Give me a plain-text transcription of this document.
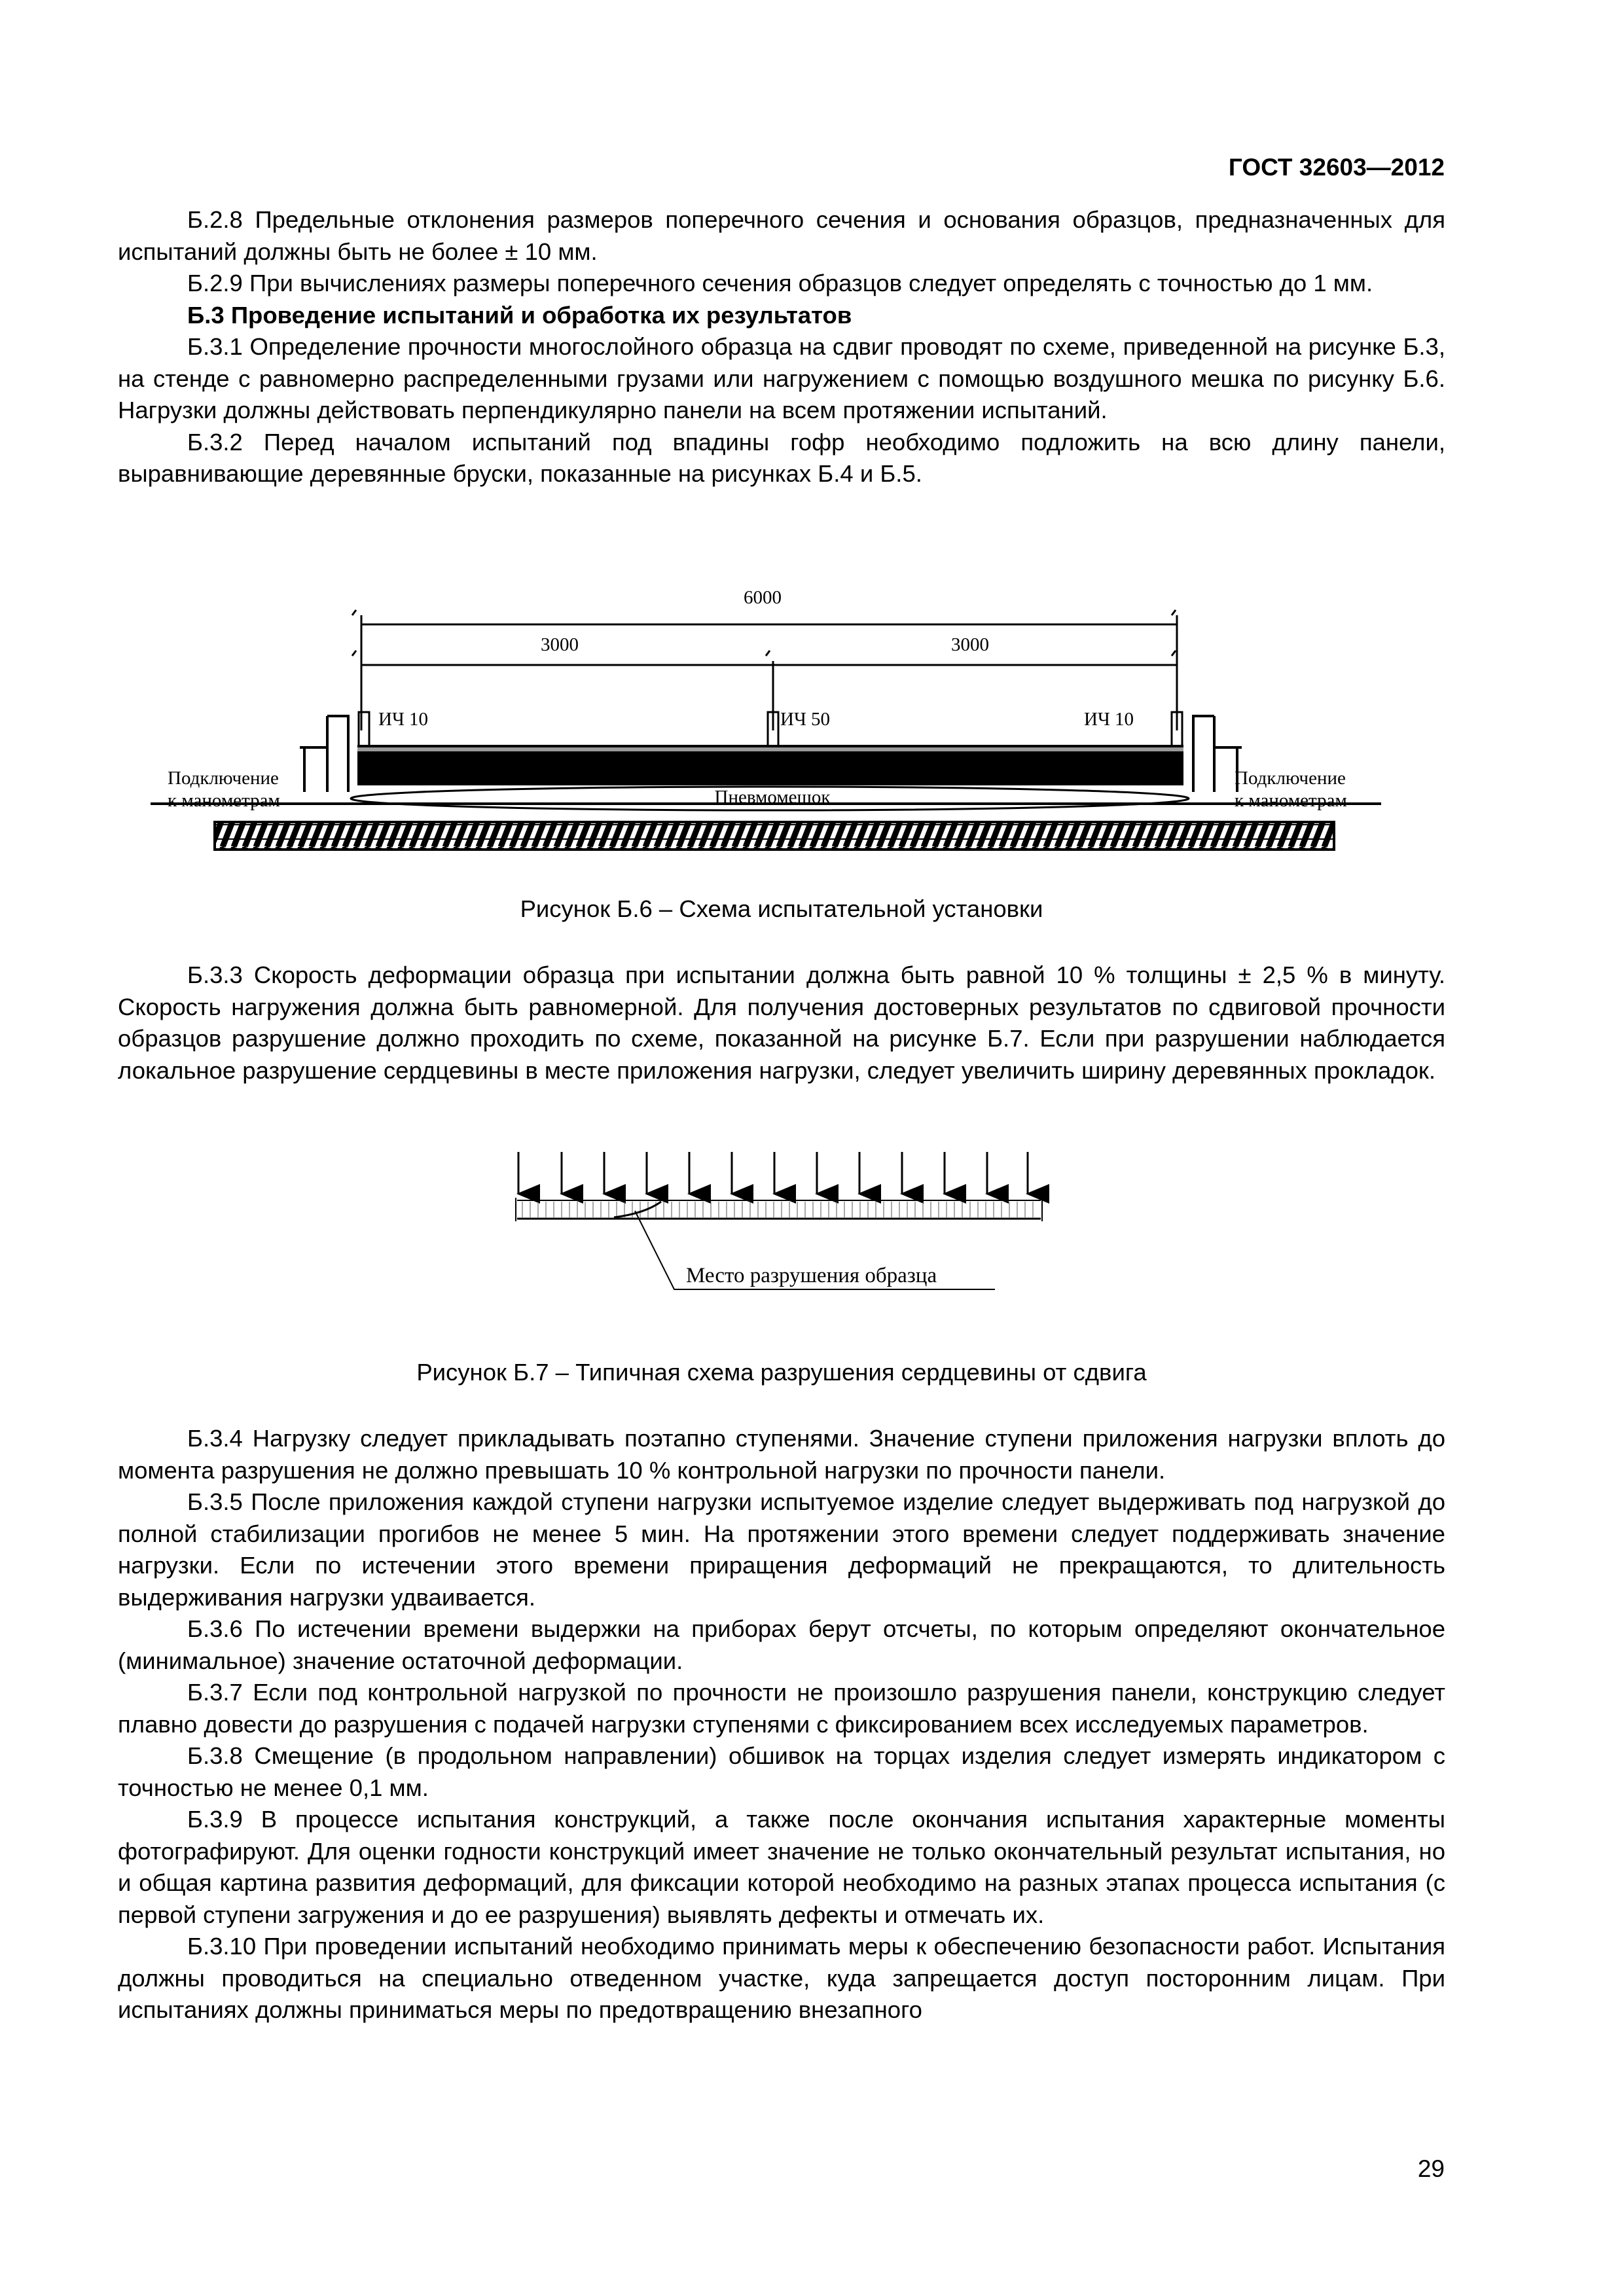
ГОСТ 32603—2012

Б.2.8 Предельные отклонения размеров поперечного сечения и основания образцов, предназначенных для испытаний должны быть не более ± 10 мм.

Б.2.9 При вычислениях размеры поперечного сечения образцов следует определять с точностью до 1 мм.

Б.3 Проведение испытаний и обработка их результатов

Б.3.1 Определение прочности многослойного образца на сдвиг проводят по схеме, приведенной на рисунке Б.3, на стенде с равномерно распределенными грузами или нагружением с помощью воздушного мешка по рисунку Б.6. Нагрузки должны действовать перпендикулярно панели на всем протяжении испытаний.

Б.3.2 Перед началом испытаний под впадины гофр необходимо подложить на всю длину панели, выравнивающие деревянные бруски, показанные на рисунках Б.4 и Б.5.

6000
3000	3000
ИЧ 10	ИЧ 50	ИЧ 10
Пневмомешок
Подключение
к манометрам
Подключение
к манометрам
Рисунок Б.6 – Схема испытательной установки

Б.3.3 Скорость деформации образца при испытании должна быть равной 10 % толщины ± 2,5 % в минуту. Скорость нагружения должна быть равномерной. Для получения достоверных результатов по сдвиговой прочности образцов разрушение должно проходить по схеме, показанной на рисунке Б.7. Если при разрушении наблюдается локальное разрушение сердцевины в месте приложения нагрузки, следует увеличить ширину деревянных прокладок.

Место разрушения образца
Рисунок Б.7 – Типичная схема разрушения сердцевины от сдвига

Б.3.4 Нагрузку следует прикладывать поэтапно ступенями. Значение ступени приложения нагрузки вплоть до момента разрушения не должно превышать 10 % контрольной нагрузки по прочности панели.

Б.3.5 После приложения каждой ступени нагрузки испытуемое изделие следует выдерживать под нагрузкой до полной стабилизации прогибов не менее 5 мин. На протяжении этого времени следует поддерживать значение нагрузки. Если по истечении этого времени приращения деформаций не прекращаются, то длительность выдерживания нагрузки удваивается.

Б.3.6 По истечении времени выдержки на приборах берут отсчеты, по которым определяют окончательное (минимальное) значение остаточной деформации.

Б.3.7 Если под контрольной нагрузкой по прочности не произошло разрушения панели, конструкцию следует плавно довести до разрушения с подачей нагрузки ступенями с фиксированием всех исследуемых параметров.

Б.3.8 Смещение (в продольном направлении) обшивок на торцах изделия следует измерять индикатором с точностью не менее 0,1 мм.

Б.3.9 В процессе испытания конструкций, а также после окончания испытания характерные моменты фотографируют. Для оценки годности конструкций имеет значение не только окончательный результат испытания, но и общая картина развития деформаций, для фиксации которой необходимо на разных этапах процесса испытания (с первой ступени загружения и до ее разрушения) выявлять дефекты и отмечать их.

Б.3.10 При проведении испытаний необходимо принимать меры к обеспечению безопасности работ. Испытания должны проводиться на специально отведенном участке, куда запрещается доступ посторонним лицам. При испытаниях должны приниматься меры по предотвращению внезапного

29
